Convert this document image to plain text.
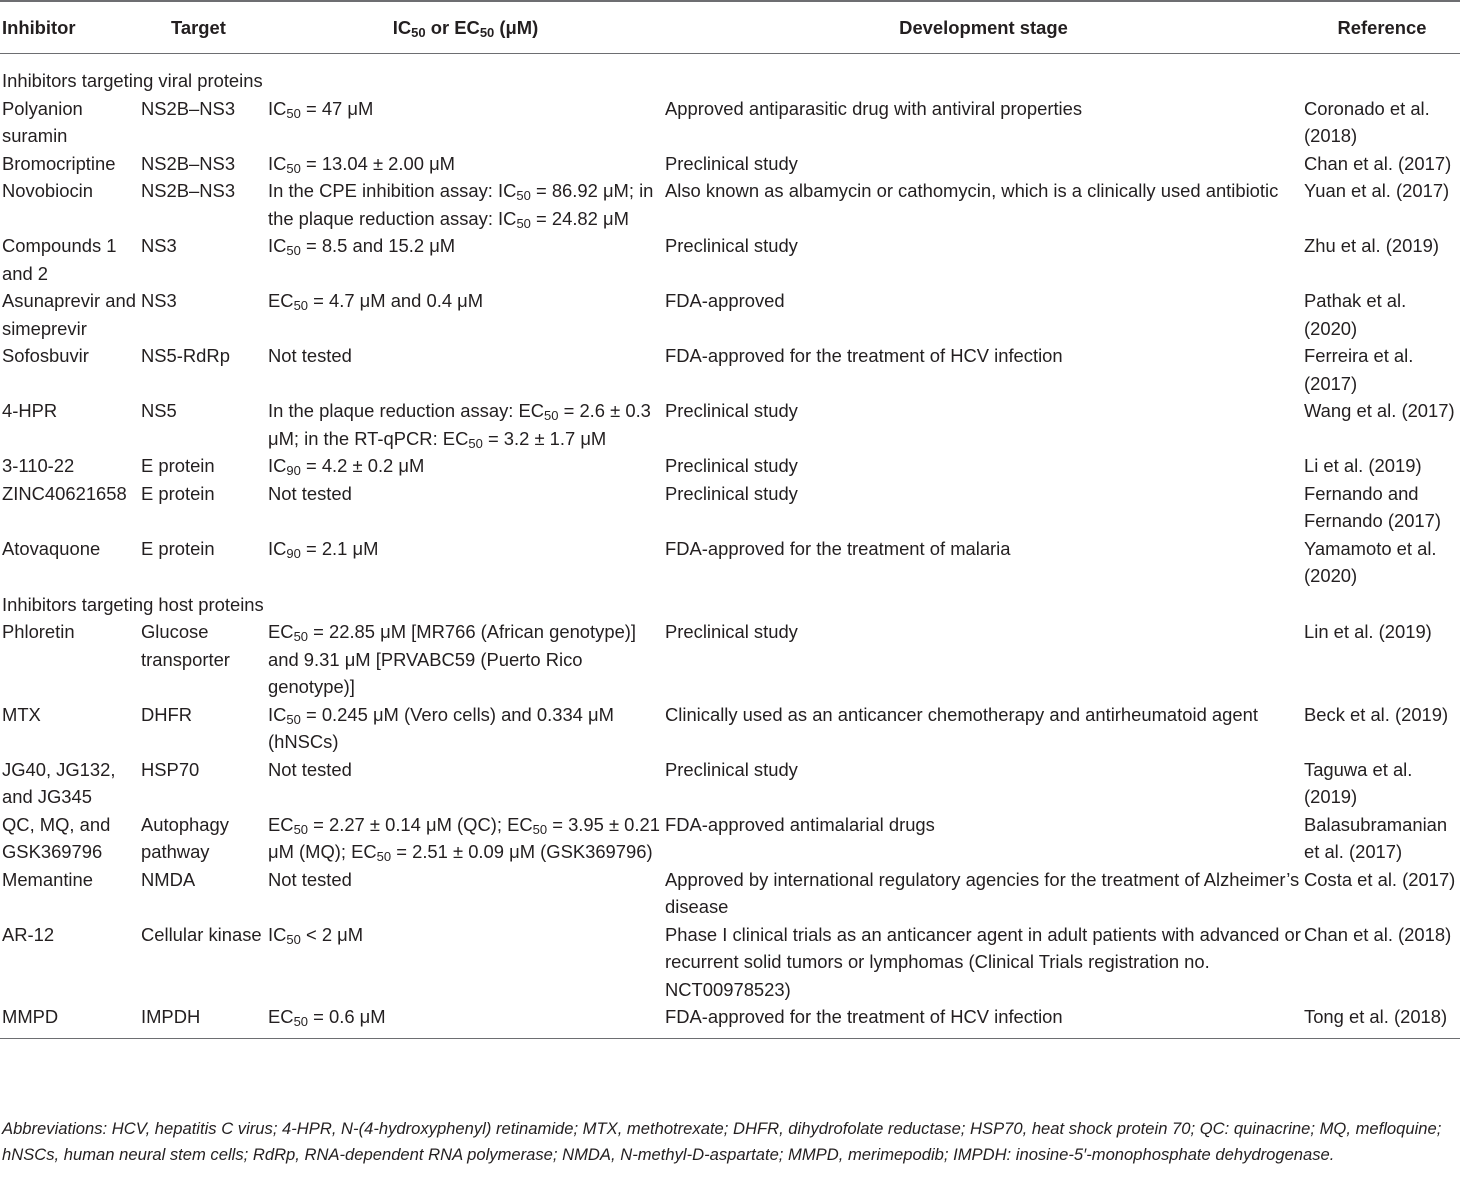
Inhibitor	Target	$IC_{50}$ or $EC_{50}$ (μM)	Development stage	Reference
Inhibitors targeting viral proteins				
Polyanion suramin	NS2B–NS3	$IC_{50} = 47$ μM	Approved antiparasitic drug with antiviral properties	Coronado et al. (2018)
Bromocriptine	NS2B–NS3	$IC_{50} = 13.04 \pm 2.00$ μM	Preclinical study	Chan et al. (2017)
Novobiocin	NS2B–NS3	In the CPE inhibition assay: $IC_{50} = 86.92$ μM; in the plaque reduction assay: $IC_{50} = 24.82$ μM	Also known as albamycin or cathomycin, which is a clinically used antibiotic	Yuan et al. (2017)
Compounds 1 and 2	NS3	$IC_{50} = 8.5$ and 15.2 μM	Preclinical study	Zhu et al. (2019)
Asunaprevir and simeprevir	NS3	$EC_{50} = 4.7$ μM and 0.4 μM	FDA-approved	Pathak et al. (2020)
Sofosbuvir	NS5-RdRp	Not tested	FDA-approved for the treatment of HCV infection	Ferreira et al. (2017)
4-HPR	NS5	In the plaque reduction assay: $EC_{50} = 2.6 \pm 0.3$ μM; in the RT-qPCR: $EC_{50} = 3.2 \pm 1.7$ μM	Preclinical study	Wang et al. (2017)
3-110-22	E protein	$IC_{90} = 4.2 \pm 0.2$ μM	Preclinical study	Li et al. (2019)
ZINC40621658	E protein	Not tested	Preclinical study	Fernando and Fernando (2017)
Atovaquone	E protein	$IC_{90} = 2.1$ μM	FDA-approved for the treatment of malaria	Yamamoto et al. (2020)
Inhibitors targeting host proteins				
Phloretin	Glucose transporter	$EC_{50} = 22.85$ μM [MR766 (African genotype)] and 9.31 μM [PRVABC59 (Puerto Rico genotype)]	Preclinical study	Lin et al. (2019)
MTX	DHFR	$IC_{50} = 0.245$ μM (Vero cells) and 0.334 μM (hNSCs)	Clinically used as an anticancer chemotherapy and antirheumatoid agent	Beck et al. (2019)
JG40, JG132, and JG345	HSP70	Not tested	Preclinical study	Taguwa et al. (2019)
QC, MQ, and GSK369796	Autophagy pathway	$EC_{50} = 2.27 \pm 0.14$ μM (QC); $EC_{50} = 3.95 \pm 0.21$ μM (MQ); $EC_{50} = 2.51 \pm 0.09$ μM (GSK369796)	FDA-approved antimalarial drugs	Balasubramanian et al. (2017)
Memantine	NMDA	Not tested	Approved by international regulatory agencies for the treatment of Alzheimer’s disease	Costa et al. (2017)
AR-12	Cellular kinase	$IC_{50} < 2$ μM	Phase I clinical trials as an anticancer agent in adult patients with advanced or recurrent solid tumors or lymphomas (Clinical Trials registration no. NCT00978523)	Chan et al. (2018)
MMPD	IMPDH	$EC_{50} = 0.6$ μM	FDA-approved for the treatment of HCV infection	Tong et al. (2018)
Abbreviations: HCV, hepatitis C virus; 4-HPR, N-(4-hydroxyphenyl) retinamide; MTX, methotrexate; DHFR, dihydrofolate reductase; HSP70, heat shock protein 70; QC: quinacrine; MQ, mefloquine; hNSCs, human neural stem cells; RdRp, RNA-dependent RNA polymerase; NMDA, N-methyl-D-aspartate; MMPD, merimepodib; IMPDH: inosine-5′-monophosphate dehydrogenase.
